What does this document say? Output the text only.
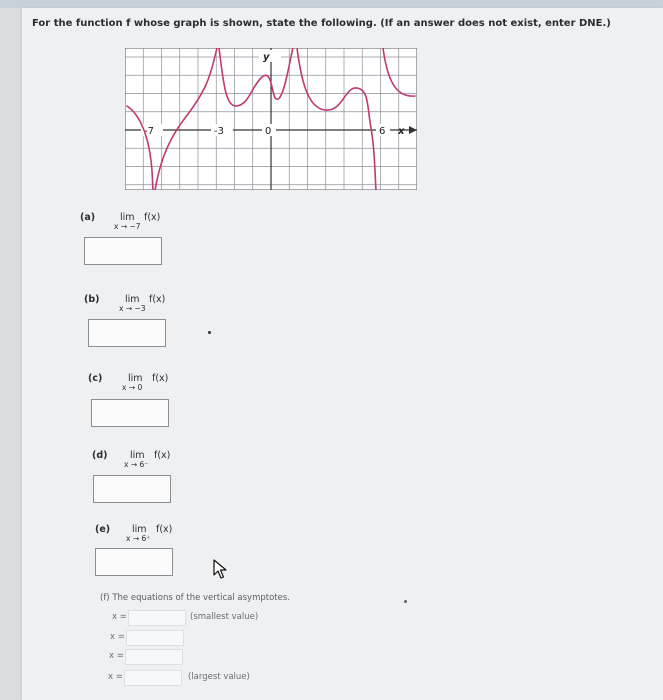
For the function f whose graph is shown, state the following. (If an answer does not exist, enter DNE.)
y
x
-7	-3	0	6
(a)	lim
x → −7
f(x)
(b)	lim
x → −3
f(x)
(c)	lim
x → 0
f(x)
(d) lim
x → 6⁻
f(x)
(e) lim
x → 6⁺
f(x)
(f) The equations of the vertical asymptotes.
x =	(smallest value)
x =
x =
x =	(largest value)
